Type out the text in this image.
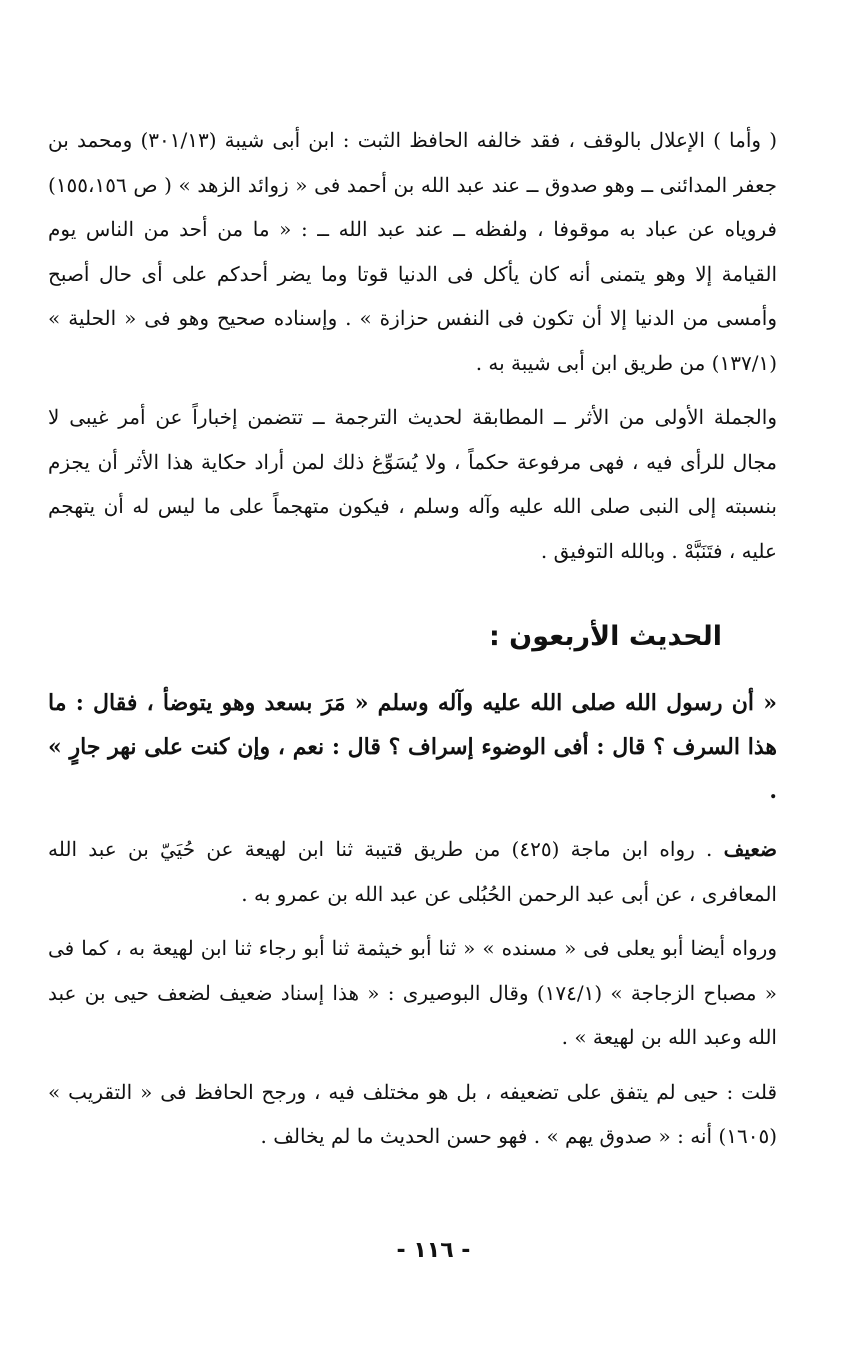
( وأما ) الإعلال بالوقف ، فقد خالفه الحافظ الثبت : ابن أبى شيبة (٣٠١/١٣) ومحمد بن جعفر المدائنى ــ وهو صدوق ــ عند عبد الله بن أحمد فى « زوائد الزهد » ( ص ١٥٥،١٥٦) فروياه عن عباد به موقوفا ، ولفظه ــ عند عبد الله ــ : « ما من أحد من الناس يوم القيامة إلا وهو يتمنى أنه كان يأكل فى الدنيا قوتا وما يضر أحدكم على أى حال أصبح وأمسى من الدنيا إلا أن تكون فى النفس حزازة » . وإسناده صحيح وهو فى « الحلية » (١٣٧/١) من طريق ابن أبى شيبة به .

والجملة الأولى من الأثر ــ المطابقة لحديث الترجمة ــ تتضمن إخباراً عن أمر غيبى لا مجال للرأى فيه ، فهى مرفوعة حكماً ، ولا يُسَوِّغ ذلك لمن أراد حكاية هذا الأثر أن يجزم بنسبته إلى النبى صلى الله عليه وآله وسلم ، فيكون متهجماً على ما ليس له أن يتهجم عليه ، فتَنَبَّهْ . وبالله التوفيق .

الحديث الأربعون :

« أن رسول الله صلى الله عليه وآله وسلم « مَرَ بسعد وهو يتوضأ ، فقال : ما هذا السرف ؟ قال : أفى الوضوء إسراف ؟ قال : نعم ، وإن كنت على نهر جارٍ » .

ضعيف . رواه ابن ماجة (٤٢٥) من طريق قتيبة ثنا ابن لهيعة عن حُيَيّ بن عبد الله المعافرى ، عن أبى عبد الرحمن الحُبُلى عن عبد الله بن عمرو به .

ورواه أيضا أبو يعلى فى « مسنده » « ثنا أبو خيثمة ثنا أبو رجاء ثنا ابن لهيعة به ، كما فى « مصباح الزجاجة » (١٧٤/١) وقال البوصيرى : « هذا إسناد ضعيف لضعف حيى بن عبد الله وعبد الله بن لهيعة » .

قلت : حيى لم يتفق على تضعيفه ، بل هو مختلف فيه ، ورجح الحافظ فى « التقريب » (١٦٠٥) أنه : « صدوق يهم » . فهو حسن الحديث ما لم يخالف .

- ١١٦ -
